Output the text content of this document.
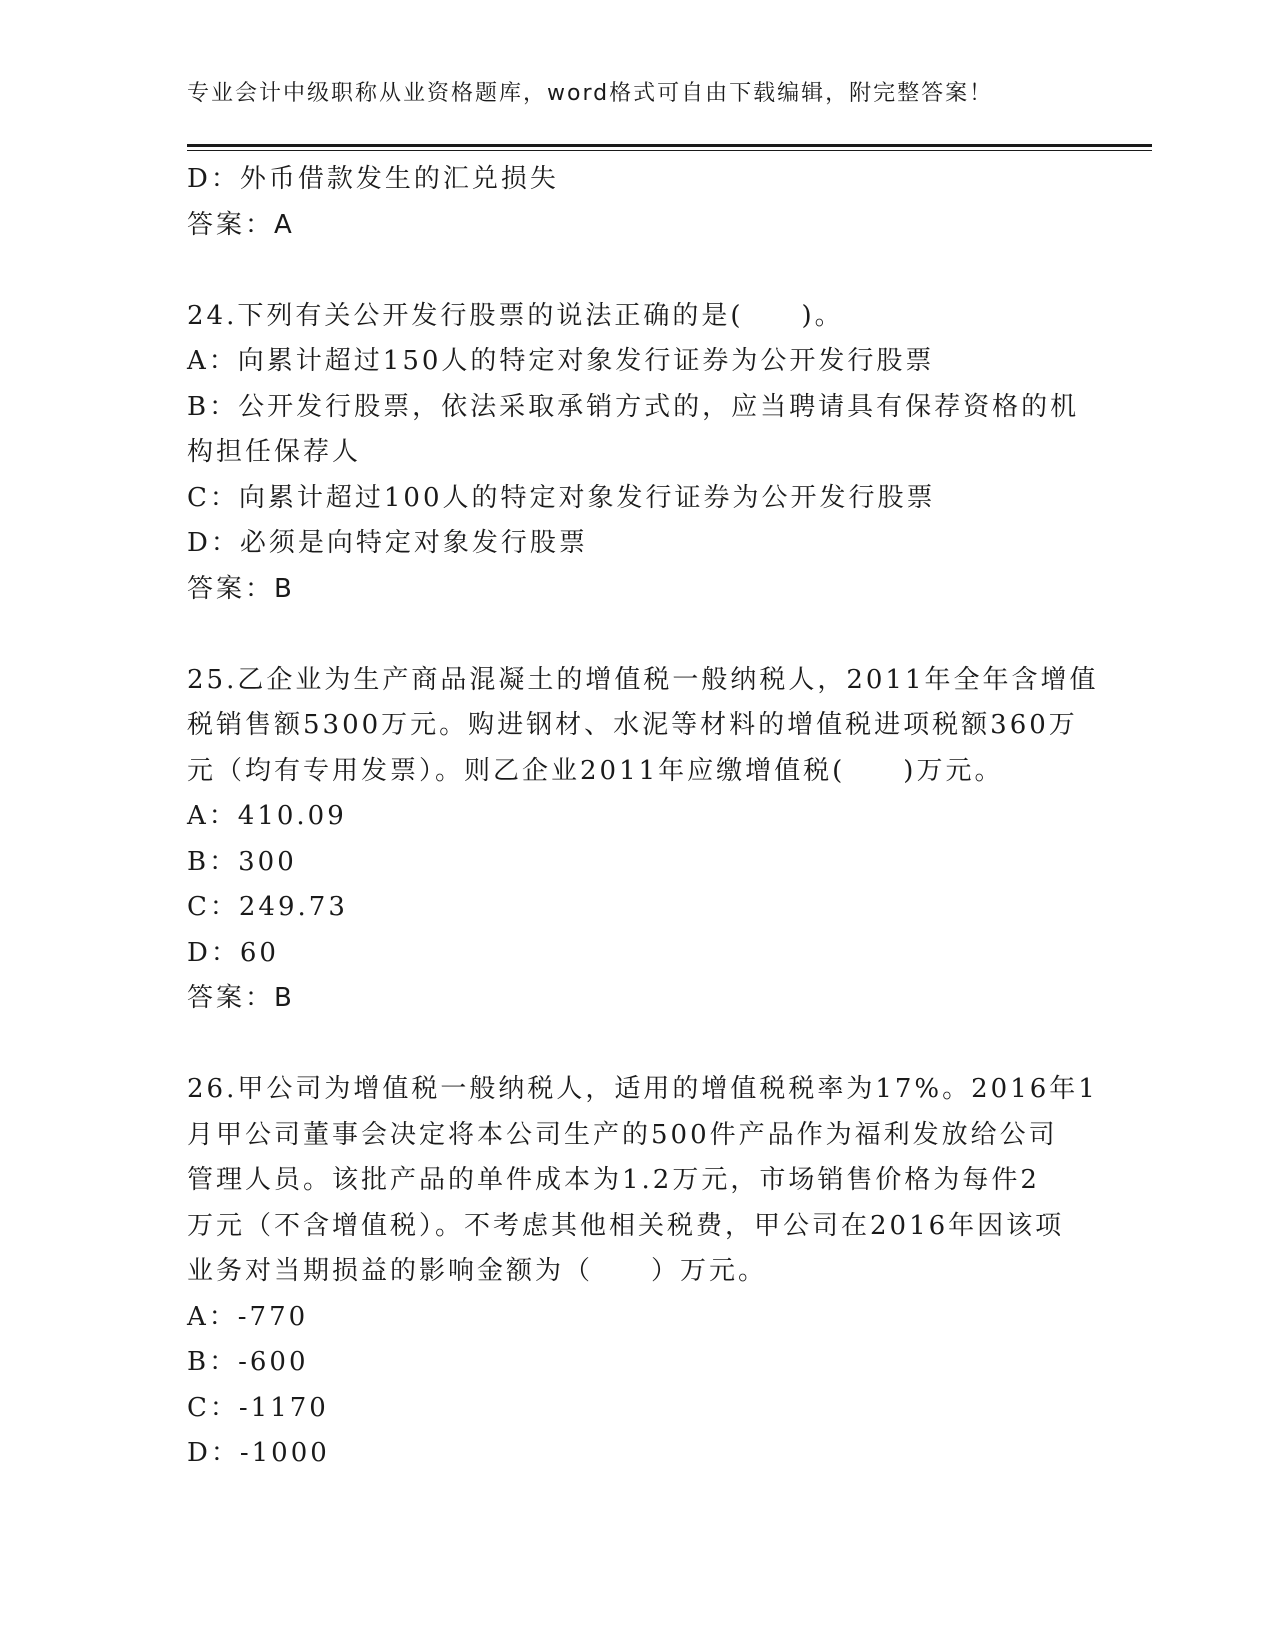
专业会计中级职称从业资格题库，word格式可自由下载编辑，附完整答案！
D：外币借款发生的汇兑损失
答案：A
24.下列有关公开发行股票的说法正确的是(　　)。
A：向累计超过150人的特定对象发行证券为公开发行股票
B：公开发行股票，依法采取承销方式的，应当聘请具有保荐资格的机
构担任保荐人
C：向累计超过100人的特定对象发行证券为公开发行股票
D：必须是向特定对象发行股票
答案：B
25.乙企业为生产商品混凝土的增值税一般纳税人，2011年全年含增值
税销售额5300万元。购进钢材、水泥等材料的增值税进项税额360万
元（均有专用发票）。则乙企业2011年应缴增值税(　　)万元。
A：410.09
B：300
C：249.73
D：60
答案：B
26.甲公司为增值税一般纳税人，适用的增值税税率为17%。2016年1
月甲公司董事会决定将本公司生产的500件产品作为福利发放给公司
管理人员。该批产品的单件成本为1.2万元，市场销售价格为每件2
万元（不含增值税）。不考虑其他相关税费，甲公司在2016年因该项
业务对当期损益的影响金额为（　　）万元。
A：-770
B：-600
C：-1170
D：-1000
